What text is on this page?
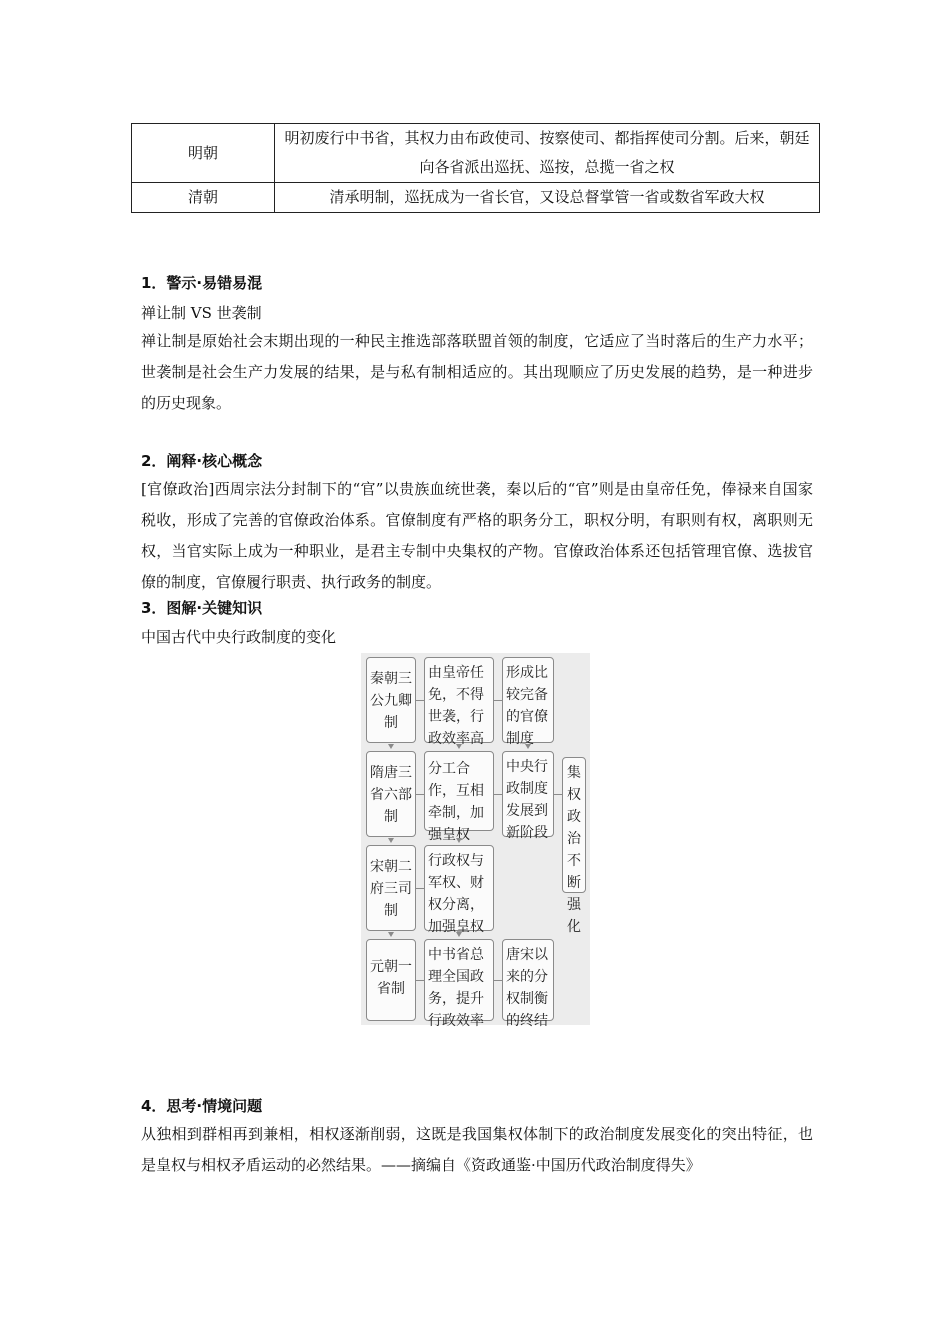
明朝	明初废行中书省，其权力由布政使司、按察使司、都指挥使司分割。后来，朝廷向各省派出巡抚、巡按，总揽一省之权
清朝	清承明制，巡抚成为一省长官，又设总督掌管一省或数省军政大权
1．警示·易错易混
禅让制 VS 世袭制
禅让制是原始社会末期出现的一种民主推选部落联盟首领的制度，它适应了当时落后的生产力水平；世袭制是社会生产力发展的结果，是与私有制相适应的。其出现顺应了历史发展的趋势，是一种进步的历史现象。
2．阐释·核心概念
[官僚政治]西周宗法分封制下的“官”以贵族血统世袭，秦以后的“官”则是由皇帝任免，俸禄来自国家税收，形成了完善的官僚政治体系。官僚制度有严格的职务分工，职权分明，有职则有权，离职则无权，当官实际上成为一种职业，是君主专制中央集权的产物。官僚政治体系还包括管理官僚、选拔官僚的制度，官僚履行职责、执行政务的制度。
3．图解·关键知识
中国古代中央行政制度的变化
秦朝三公九卿制
隋唐三省六部制
宋朝二府三司制
元朝一省制
由皇帝任免，不得世袭，行政效率高
分工合作，互相牵制，加强皇权
行政权与军权、财权分离，加强皇权
中书省总理全国政务，提升行政效率
形成比较完备的官僚制度
中央行政制度发展到新阶段
唐宋以来的分权制衡的终结
集权政治不断强化
4．思考·情境问题
从独相到群相再到兼相，相权逐渐削弱，这既是我国集权体制下的政治制度发展变化的突出特征，也是皇权与相权矛盾运动的必然结果。——摘编自《资政通鉴·中国历代政治制度得失》
